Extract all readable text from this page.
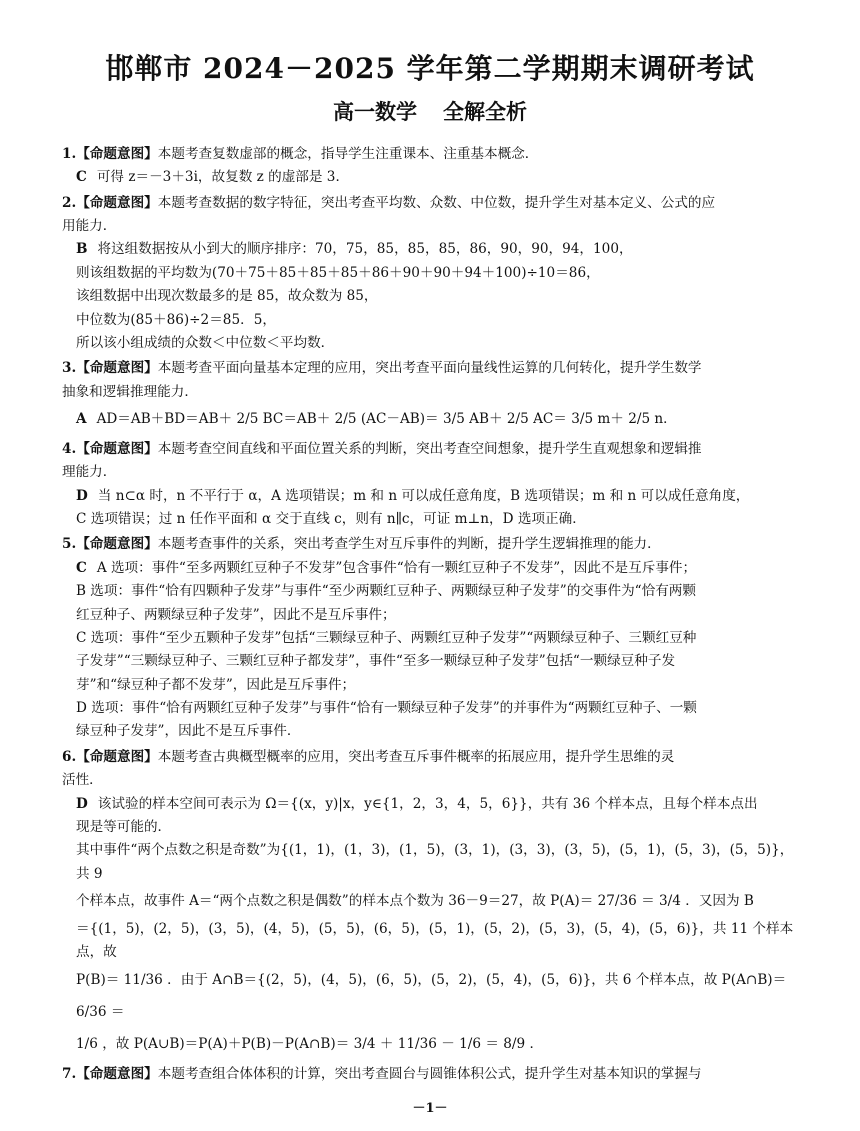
邯郸市 2024－2025 学年第二学期期末调研考试
高一数学 全解全析

1.【命题意图】本题考查复数虚部的概念，指导学生注重课本、注重基本概念．

C 可得 z＝－3＋3i，故复数 z 的虚部是 3．

2.【命题意图】本题考查数据的数字特征，突出考查平均数、众数、中位数，提升学生对基本定义、公式的应

用能力．

B 将这组数据按从小到大的顺序排序：70，75，85，85，85，86，90，90，94，100，

则该组数据的平均数为(70＋75＋85＋85＋85＋86＋90＋90＋94＋100)÷10＝86，

该组数据中出现次数最多的是 85，故众数为 85，

中位数为(85＋86)÷2＝85．5，

所以该小组成绩的众数＜中位数＜平均数．

3.【命题意图】本题考查平面向量基本定理的应用，突出考查平面向量线性运算的几何转化，提升学生数学

抽象和逻辑推理能力．

A AD＝AB＋BD＝AB＋ 2/5 BC＝AB＋ 2/5 (AC－AB)＝ 3/5 AB＋ 2/5 AC＝ 3/5 m＋ 2/5 n．

4.【命题意图】本题考查空间直线和平面位置关系的判断，突出考查空间想象，提升学生直观想象和逻辑推

理能力．

D 当 n⊂α 时，n 不平行于 α，A 选项错误；m 和 n 可以成任意角度，B 选项错误；m 和 n 可以成任意角度，

C 选项错误；过 n 任作平面和 α 交于直线 c，则有 n∥c，可证 m⊥n，D 选项正确．

5.【命题意图】本题考查事件的关系，突出考查学生对互斥事件的判断，提升学生逻辑推理的能力．

C A 选项：事件“至多两颗红豆种子不发芽”包含事件“恰有一颗红豆种子不发芽”，因此不是互斥事件；

B 选项：事件“恰有四颗种子发芽”与事件“至少两颗红豆种子、两颗绿豆种子发芽”的交事件为“恰有两颗

红豆种子、两颗绿豆种子发芽”，因此不是互斥事件；

C 选项：事件“至少五颗种子发芽”包括“三颗绿豆种子、两颗红豆种子发芽”“两颗绿豆种子、三颗红豆种

子发芽”“三颗绿豆种子、三颗红豆种子都发芽”，事件“至多一颗绿豆种子发芽”包括“一颗绿豆种子发

芽”和“绿豆种子都不发芽”，因此是互斥事件；

D 选项：事件“恰有两颗红豆种子发芽”与事件“恰有一颗绿豆种子发芽”的并事件为“两颗红豆种子、一颗

绿豆种子发芽”，因此不是互斥事件．

6.【命题意图】本题考查古典概型概率的应用，突出考查互斥事件概率的拓展应用，提升学生思维的灵

活性．

D 该试验的样本空间可表示为 Ω＝{(x，y)|x，y∈{1，2，3，4，5，6}}，共有 36 个样本点，且每个样本点出

现是等可能的．

其中事件“两个点数之积是奇数”为{(1，1)，(1，3)，(1，5)，(3，1)，(3，3)，(3，5)，(5，1)，(5，3)，(5，5)}，共 9

个样本点，故事件 A＝“两个点数之积是偶数”的样本点个数为 36－9＝27，故 P(A)＝ 27/36 ＝ 3/4 ．又因为 B

＝{(1，5)，(2，5)，(3，5)，(4，5)，(5，5)，(6，5)，(5，1)，(5，2)，(5，3)，(5，4)，(5，6)}，共 11 个样本点，故

P(B)＝ 11/36 ．由于 A∩B＝{(2，5)，(4，5)，(6，5)，(5，2)，(5，4)，(5，6)}，共 6 个样本点，故 P(A∩B)＝ 6/36 ＝

1/6 ，故 P(A∪B)＝P(A)＋P(B)－P(A∩B)＝ 3/4 ＋ 11/36 － 1/6 ＝ 8/9 ．

7.【命题意图】本题考查组合体体积的计算，突出考查圆台与圆锥体积公式，提升学生对基本知识的掌握与

－1－
